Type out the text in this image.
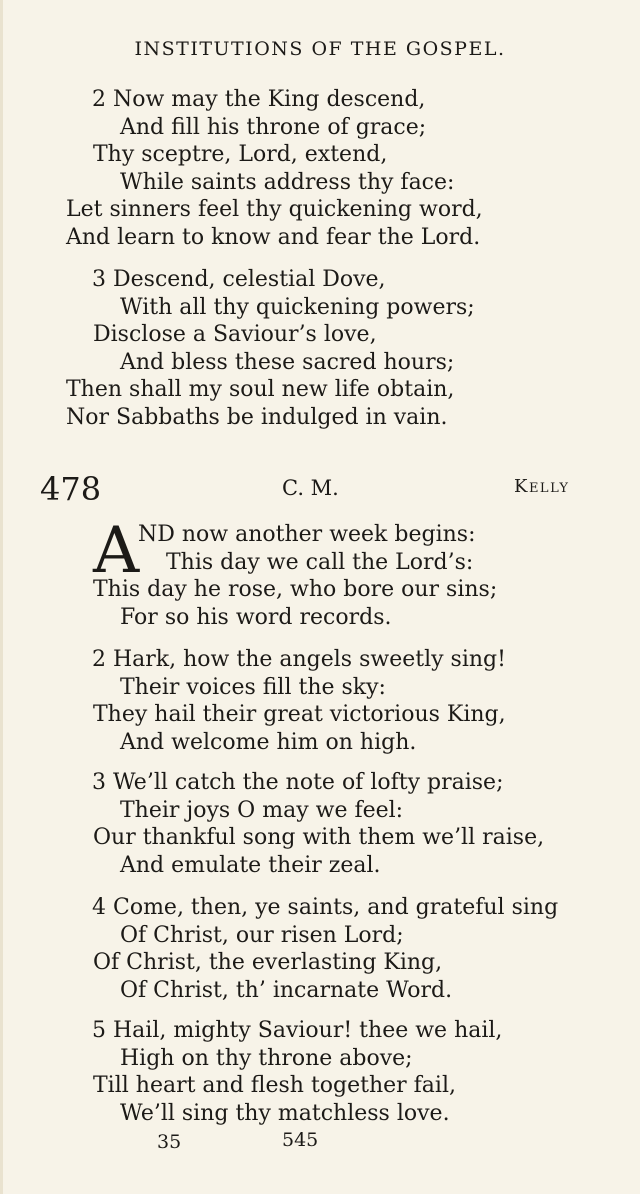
INSTITUTIONS OF THE GOSPEL.
2 Now may the King descend,
And fill his throne of grace;
Thy sceptre, Lord, extend,
While saints address thy face:
Let sinners feel thy quickening word,
And learn to know and fear the Lord.
3 Descend, celestial Dove,
With all thy quickening powers;
Disclose a Saviour’s love,
And bless these sacred hours;
Then shall my soul new life obtain,
Nor Sabbaths be indulged in vain.
478	C. M.	Kelly
A
ND now another week begins:
This day we call the Lord’s:
This day he rose, who bore our sins;
For so his word records.
2 Hark, how the angels sweetly sing!
Their voices fill the sky:
They hail their great victorious King,
And welcome him on high.
3 We’ll catch the note of lofty praise;
Their joys O may we feel:
Our thankful song with them we’ll raise,
And emulate their zeal.
4 Come, then, ye saints, and grateful sing
Of Christ, our risen Lord;
Of Christ, the everlasting King,
Of Christ, th’ incarnate Word.
5 Hail, mighty Saviour! thee we hail,
High on thy throne above;
Till heart and flesh together fail,
We’ll sing thy matchless love.
35	545
